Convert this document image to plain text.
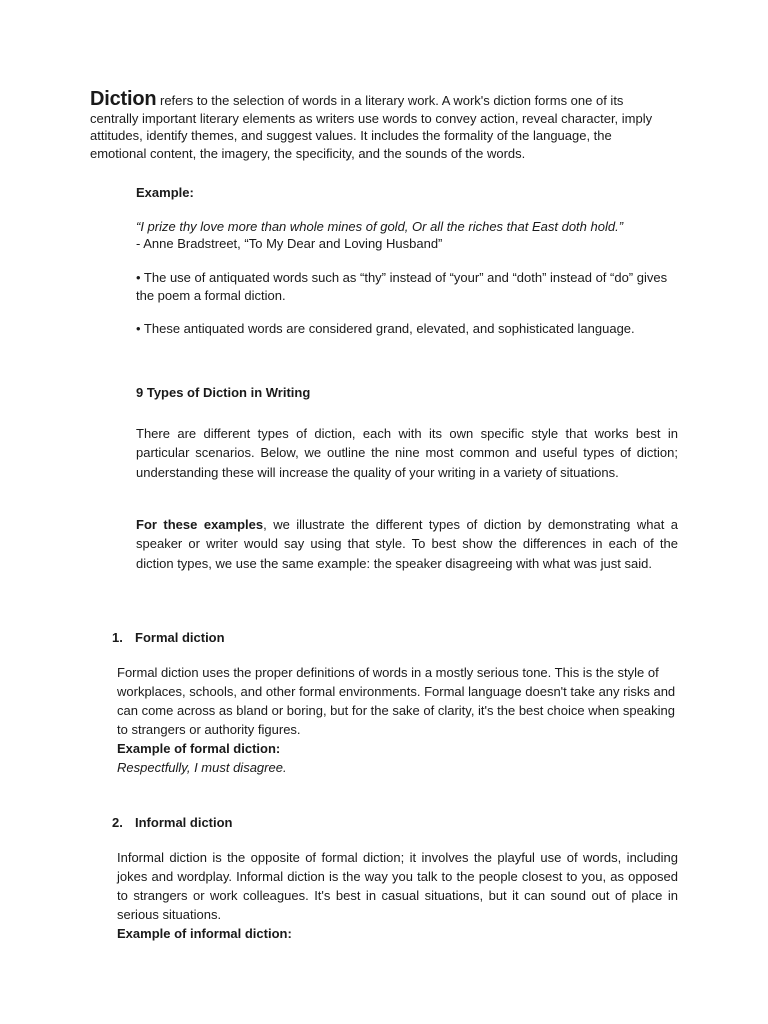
Diction refers to the selection of words in a literary work. A work's diction forms one of its centrally important literary elements as writers use words to convey action, reveal character, imply attitudes, identify themes, and suggest values. It includes the formality of the language, the emotional content, the imagery, the specificity, and the sounds of the words.

Example:

“I prize thy love more than whole mines of gold, Or all the riches that East doth hold.”

- Anne Bradstreet, “To My Dear and Loving Husband”

• The use of antiquated words such as “thy” instead of “your” and “doth” instead of “do” gives the poem a formal diction.

• These antiquated words are considered grand, elevated, and sophisticated language.

9 Types of Diction in Writing

There are different types of diction, each with its own specific style that works best in particular scenarios. Below, we outline the nine most common and useful types of diction; understanding these will increase the quality of your writing in a variety of situations.

For these examples, we illustrate the different types of diction by demonstrating what a speaker or writer would say using that style. To best show the differences in each of the diction types, we use the same example: the speaker disagreeing with what was just said.

1. Formal diction

Formal diction uses the proper definitions of words in a mostly serious tone. This is the style of workplaces, schools, and other formal environments. Formal language doesn't take any risks and can come across as bland or boring, but for the sake of clarity, it's the best choice when speaking to strangers or authority figures.

Example of formal diction:

Respectfully, I must disagree.

2. Informal diction

Informal diction is the opposite of formal diction; it involves the playful use of words, including jokes and wordplay. Informal diction is the way you talk to the people closest to you, as opposed to strangers or work colleagues. It's best in casual situations, but it can sound out of place in serious situations.

Example of informal diction:
